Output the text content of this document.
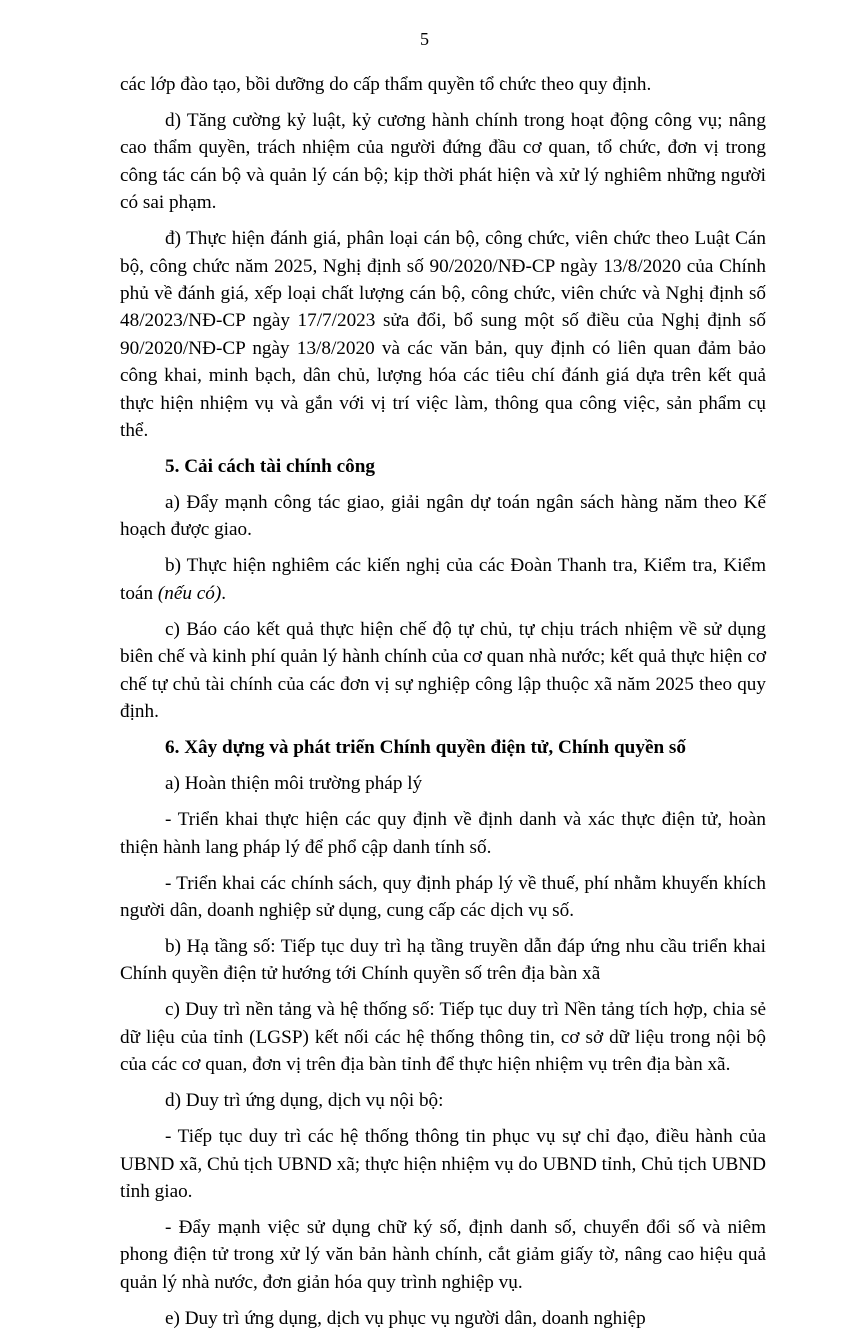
5

các lớp đào tạo, bồi dưỡng do cấp thẩm quyền tổ chức theo quy định.

d) Tăng cường kỷ luật, kỷ cương hành chính trong hoạt động công vụ; nâng cao thẩm quyền, trách nhiệm của người đứng đầu cơ quan, tổ chức, đơn vị trong công tác cán bộ và quản lý cán bộ; kịp thời phát hiện và xử lý nghiêm những người có sai phạm.

đ) Thực hiện đánh giá, phân loại cán bộ, công chức, viên chức theo Luật Cán bộ, công chức năm 2025, Nghị định số 90/2020/NĐ-CP ngày 13/8/2020 của Chính phủ về đánh giá, xếp loại chất lượng cán bộ, công chức, viên chức và Nghị định số 48/2023/NĐ-CP ngày 17/7/2023 sửa đổi, bổ sung một số điều của Nghị định số 90/2020/NĐ-CP ngày 13/8/2020 và các văn bản, quy định có liên quan đảm bảo công khai, minh bạch, dân chủ, lượng hóa các tiêu chí đánh giá dựa trên kết quả thực hiện nhiệm vụ và gắn với vị trí việc làm, thông qua công việc, sản phẩm cụ thể.

5. Cải cách tài chính công

a) Đẩy mạnh công tác giao, giải ngân dự toán ngân sách hàng năm theo Kế hoạch được giao.

b) Thực hiện nghiêm các kiến nghị của các Đoàn Thanh tra, Kiểm tra, Kiểm toán (nếu có).

c) Báo cáo kết quả thực hiện chế độ tự chủ, tự chịu trách nhiệm về sử dụng biên chế và kinh phí quản lý hành chính của cơ quan nhà nước; kết quả thực hiện cơ chế tự chủ tài chính của các đơn vị sự nghiệp công lập thuộc xã năm 2025 theo quy định.

6. Xây dựng và phát triển Chính quyền điện tử, Chính quyền số

a) Hoàn thiện môi trường pháp lý

- Triển khai thực hiện các quy định về định danh và xác thực điện tử, hoàn thiện hành lang pháp lý để phổ cập danh tính số.

- Triển khai các chính sách, quy định pháp lý về thuế, phí nhằm khuyến khích người dân, doanh nghiệp sử dụng, cung cấp các dịch vụ số.

b) Hạ tầng số: Tiếp tục duy trì hạ tầng truyền dẫn đáp ứng nhu cầu triển khai Chính quyền điện tử hướng tới Chính quyền số trên địa bàn xã

c) Duy trì nền tảng và hệ thống số: Tiếp tục duy trì Nền tảng tích hợp, chia sẻ dữ liệu của tỉnh (LGSP) kết nối các hệ thống thông tin, cơ sở dữ liệu trong nội bộ của các cơ quan, đơn vị trên địa bàn tỉnh để thực hiện nhiệm vụ trên địa bàn xã.

d) Duy trì ứng dụng, dịch vụ nội bộ:

- Tiếp tục duy trì các hệ thống thông tin phục vụ sự chỉ đạo, điều hành của UBND xã, Chủ tịch UBND xã; thực hiện nhiệm vụ do UBND tỉnh, Chủ tịch UBND tỉnh giao.

- Đẩy mạnh việc sử dụng chữ ký số, định danh số, chuyển đổi số và niêm phong điện tử trong xử lý văn bản hành chính, cắt giảm giấy tờ, nâng cao hiệu quả quản lý nhà nước, đơn giản hóa quy trình nghiệp vụ.

e) Duy trì ứng dụng, dịch vụ phục vụ người dân, doanh nghiệp
